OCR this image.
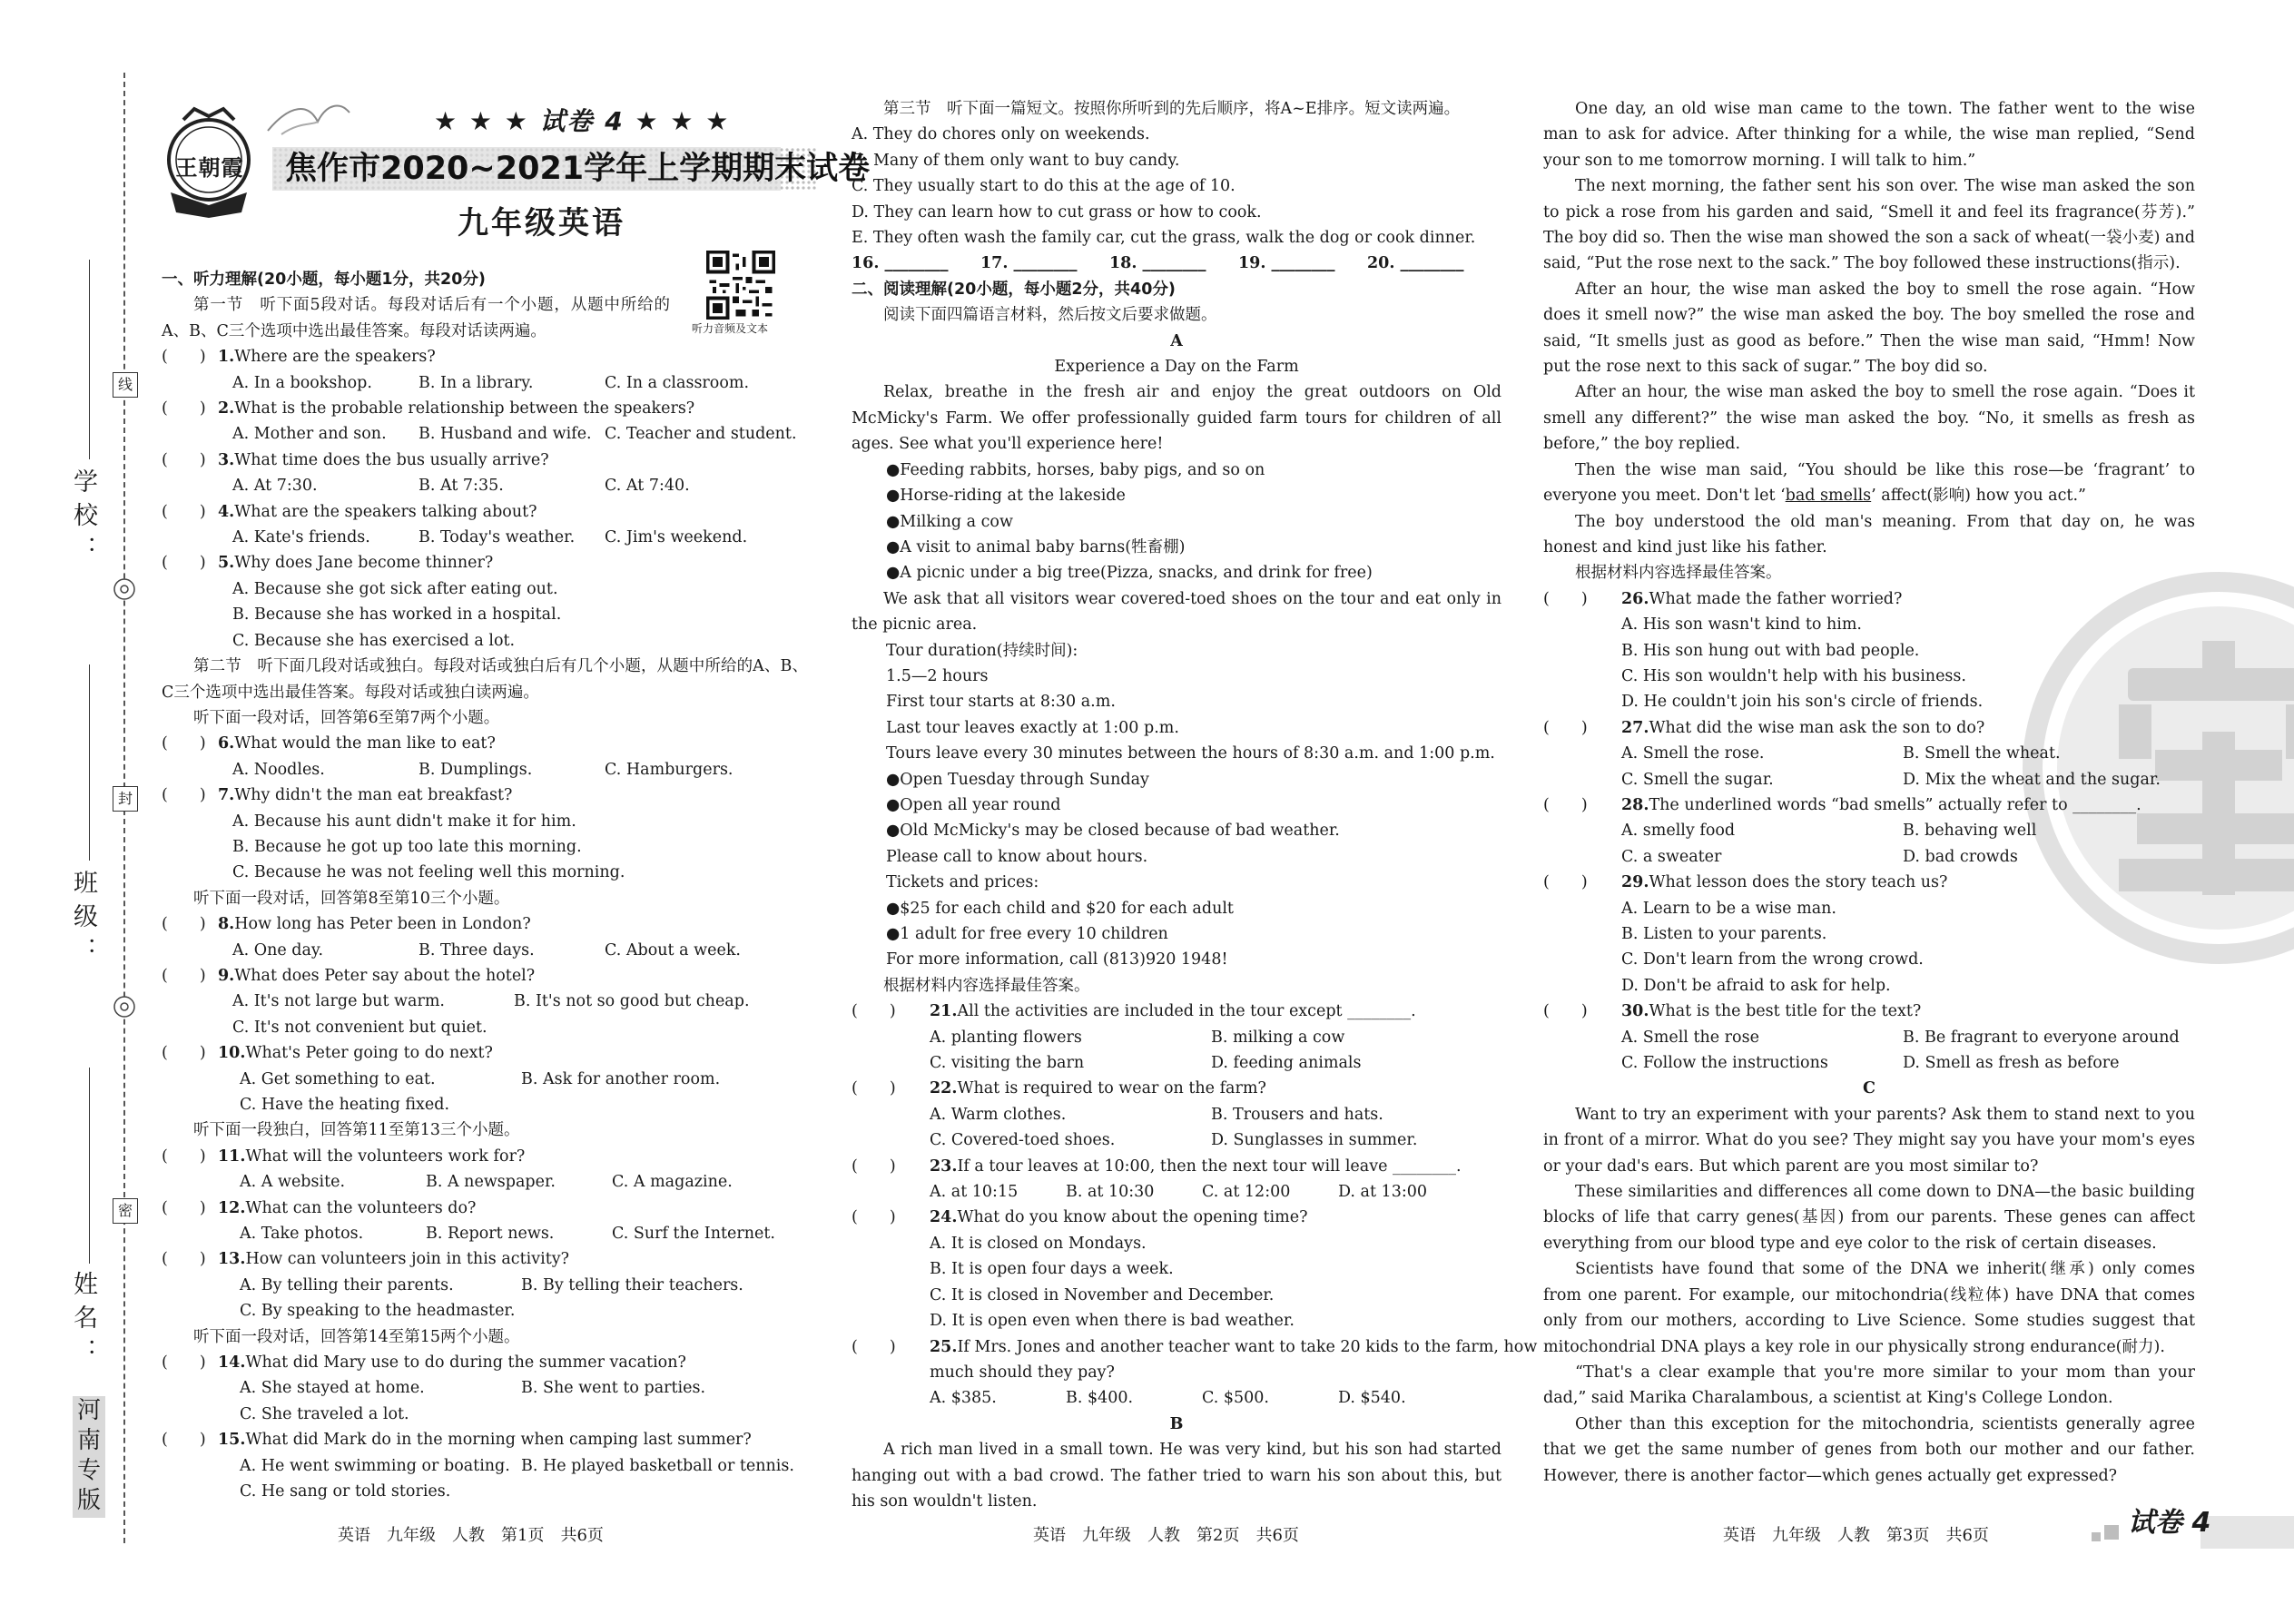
线
封
密
学校：
班级：
姓名：
河南专版
王朝霞
★ ★ ★ 试卷 4 ★ ★ ★
焦作市2020~2021学年上学期期末试卷
九年级英语
听力音频及文本
一、听力理解(20小题，每小题1分，共20分)
第一节　听下面5段对话。每段对话后有一个小题，从题中所给的A、B、C三个选项中选出最佳答案。每段对话读两遍。
(　　) 1. Where are the speakers?
A. In a bookshop.	B. In a library.	C. In a classroom.
(　　) 2. What is the probable relationship between the speakers?
A. Mother and son.	B. Husband and wife. C. Teacher and student.
(　　) 3. What time does the bus usually arrive?
A. At 7:30.	B. At 7:35.	C. At 7:40.
(　　) 4. What are the speakers talking about?
A. Kate's friends.	B. Today's weather.	C. Jim's weekend.
(　　) 5. Why does Jane become thinner?
A. Because she got sick after eating out.
B. Because she has worked in a hospital.
C. Because she has exercised a lot.
第二节　听下面几段对话或独白。每段对话或独白后有几个小题，从题中所给的A、B、C三个选项中选出最佳答案。每段对话或独白读两遍。
听下面一段对话，回答第6至第7两个小题。
(　　) 6. What would the man like to eat?
A. Noodles.	B. Dumplings.	C. Hamburgers.
(　　) 7. Why didn't the man eat breakfast?
A. Because his aunt didn't make it for him.
B. Because he got up too late this morning.
C. Because he was not feeling well this morning.
听下面一段对话，回答第8至第10三个小题。
(　　) 8. How long has Peter been in London?
A. One day.	B. Three days.	C. About a week.
(　　) 9. What does Peter say about the hotel?
A. It's not large but warm.	B. It's not so good but cheap.
C. It's not convenient but quiet.
(　　) 10. What's Peter going to do next?
A. Get something to eat.	B. Ask for another room.
C. Have the heating fixed.
听下面一段独白，回答第11至第13三个小题。
(　　) 11. What will the volunteers work for?
A. A website.	B. A newspaper.	C. A magazine.
(　　) 12. What can the volunteers do?
A. Take photos.	B. Report news.	C. Surf the Internet.
(　　) 13. How can volunteers join in this activity?
A. By telling their parents.	B. By telling their teachers.
C. By speaking to the headmaster.
听下面一段对话，回答第14至第15两个小题。
(　　) 14. What did Mary use to do during the summer vacation?
A. She stayed at home.	B. She went to parties.
C. She traveled a lot.
(　　) 15. What did Mark do in the morning when camping last summer?
A. He went swimming or boating. B. He played basketball or tennis.
C. He sang or told stories.
第三节　听下面一篇短文。按照你所听到的先后顺序，将A~E排序。短文读两遍。
A. They do chores only on weekends.
B. Many of them only want to buy candy.
C. They usually start to do this at the age of 10.
D. They can learn how to cut grass or how to cook.
E. They often wash the family car, cut the grass, walk the dog or cook dinner.
16. ________	17. ________	18. ________	19. ________	20. ________
二、阅读理解(20小题，每小题2分，共40分)
阅读下面四篇语言材料，然后按文后要求做题。
A
Experience a Day on the Farm
Relax, breathe in the fresh air and enjoy the great outdoors on Old McMicky's Farm. We offer professionally guided farm tours for children of all ages. See what you'll experience here!
●Feeding rabbits, horses, baby pigs, and so on
●Horse-riding at the lakeside
●Milking a cow
●A visit to animal baby barns(牲畜棚)
●A picnic under a big tree(Pizza, snacks, and drink for free)
We ask that all visitors wear covered-toed shoes on the tour and eat only in the picnic area.
Tour duration(持续时间):
1.5—2 hours
First tour starts at 8:30 a.m.
Last tour leaves exactly at 1:00 p.m.
Tours leave every 30 minutes between the hours of 8:30 a.m. and 1:00 p.m.
●Open Tuesday through Sunday
●Open all year round
●Old McMicky's may be closed because of bad weather.
Please call to know about hours.
Tickets and prices:
●$25 for each child and $20 for each adult
●1 adult for free every 10 children
For more information, call (813)920 1948!
根据材料内容选择最佳答案。
(　　)	21. All the activities are included in the tour except ________.
A. planting flowers	B. milking a cow
C. visiting the barn	D. feeding animals
(　　)	22. What is required to wear on the farm?
A. Warm clothes.	B. Trousers and hats.
C. Covered-toed shoes.	D. Sunglasses in summer.
(　　)	23. If a tour leaves at 10:00, then the next tour will leave ________.
A. at 10:15	B. at 10:30	C. at 12:00	D. at 13:00
(　　)	24. What do you know about the opening time?
A. It is closed on Mondays.
B. It is open four days a week.
C. It is closed in November and December.
D. It is open even when there is bad weather.
(　　)	25. If Mrs. Jones and another teacher want to take 20 kids to the farm, how
much should they pay?
A. $385.	B. $400.	C. $500.	D. $540.
B
A rich man lived in a small town. He was very kind, but his son had started hanging out with a bad crowd. The father tried to warn his son about this, but his son wouldn't listen.
One day, an old wise man came to the town. The father went to the wise man to ask for advice. After thinking for a while, the wise man replied, “Send your son to me tomorrow morning. I will talk to him.”
The next morning, the father sent his son over. The wise man asked the son to pick a rose from his garden and said, “Smell it and feel its fragrance(芬芳).” The boy did so. Then the wise man showed the son a sack of wheat(一袋小麦) and said, “Put the rose next to the sack.” The boy followed these instructions(指示).
After an hour, the wise man asked the boy to smell the rose again. “How does it smell now?” the wise man asked the boy. The boy smelled the rose and said, “It smells just as good as before.” Then the wise man said, “Hmm! Now put the rose next to this sack of sugar.” The boy did so.
After an hour, the wise man asked the boy to smell the rose again. “Does it smell any different?” the wise man asked the boy. “No, it smells as fresh as before,” the boy replied.
Then the wise man said, “You should be like this rose—be ‘fragrant’ to everyone you meet. Don't let ‘bad smells’ affect(影响) how you act.”
The boy understood the old man's meaning. From that day on, he was honest and kind just like his father.
根据材料内容选择最佳答案。
(　　)	26. What made the father worried?
A. His son wasn't kind to him.
B. His son hung out with bad people.
C. His son wouldn't help with his business.
D. He couldn't join his son's circle of friends.
(　　)	27. What did the wise man ask the son to do?
A. Smell the rose.	B. Smell the wheat.
C. Smell the sugar.	D. Mix the wheat and the sugar.
(　　)	28. The underlined words “bad smells” actually refer to ________.
A. smelly food	B. behaving well
C. a sweater	D. bad crowds
(　　)	29. What lesson does the story teach us?
A. Learn to be a wise man.
B. Listen to your parents.
C. Don't learn from the wrong crowd.
D. Don't be afraid to ask for help.
(　　)	30. What is the best title for the text?
A. Smell the rose	B. Be fragrant to everyone around
C. Follow the instructions	D. Smell as fresh as before
C
Want to try an experiment with your parents? Ask them to stand next to you in front of a mirror. What do you see? They might say you have your mom's eyes or your dad's ears. But which parent are you most similar to?
These similarities and differences all come down to DNA—the basic building blocks of life that carry genes(基因) from our parents. These genes can affect everything from our blood type and eye color to the risk of certain diseases.
Scientists have found that some of the DNA we inherit(继承) only comes from one parent. For example, our mitochondria(线粒体) have DNA that comes only from our mothers, according to Live Science. Some studies suggest that mitochondrial DNA plays a key role in our physically strong endurance(耐力).
“That's a clear example that you're more similar to your mom than your dad,” said Marika Charalambous, a scientist at King's College London.
Other than this exception for the mitochondria, scientists generally agree that we get the same number of genes from both our mother and our father. However, there is another factor—which genes actually get expressed?
英语　九年级　人教　第1页　共6页	英语　九年级　人教　第2页　共6页	英语　九年级　人教　第3页　共6页	试卷 4
